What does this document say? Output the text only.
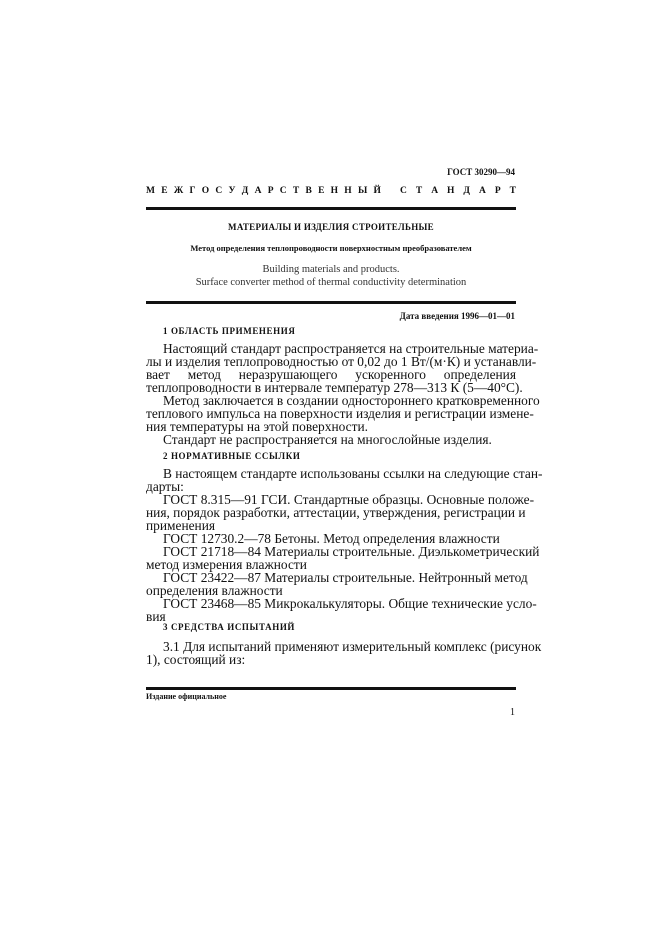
ГОСТ 30290—94
М Е Ж Г О С У Д А Р С Т В Е Н Н Ы Й С Т А Н Д А Р Т
МАТЕРИАЛЫ И ИЗДЕЛИЯ СТРОИТЕЛЬНЫЕ
Метод определения теплопроводности поверхностным преобразователем
Building materials and products.
Surface converter method of thermal conductivity determination
Дата введения 1996—01—01
1 ОБЛАСТЬ ПРИМЕНЕНИЯ
Настоящий стандарт распространяется на строительные материа-
лы и изделия теплопроводностью от 0,02 до 1 Вт/(м·К) и устанавли-
вает метод неразрушающего ускоренного определения
теплопроводности в интервале температур 278—313 К (5—40°С).
Метод заключается в создании одностороннего кратковременного
теплового импульса на поверхности изделия и регистрации измене-
ния температуры на этой поверхности.
Стандарт не распространяется на многослойные изделия.
2 НОРМАТИВНЫЕ ССЫЛКИ
В настоящем стандарте использованы ссылки на следующие стан-
дарты:
ГОСТ 8.315—91 ГСИ. Стандартные образцы. Основные положе-
ния, порядок разработки, аттестации, утверждения, регистрации и
применения
ГОСТ 12730.2—78 Бетоны. Метод определения влажности
ГОСТ 21718—84 Материалы строительные. Диэлькометрический
метод измерения влажности
ГОСТ 23422—87 Материалы строительные. Нейтронный метод
определения влажности
ГОСТ 23468—85 Микрокалькуляторы. Общие технические усло-
вия
3 СРЕДСТВА ИСПЫТАНИЙ
3.1 Для испытаний применяют измерительный комплекс (рисунок
1), состоящий из:
Издание официальное
1
